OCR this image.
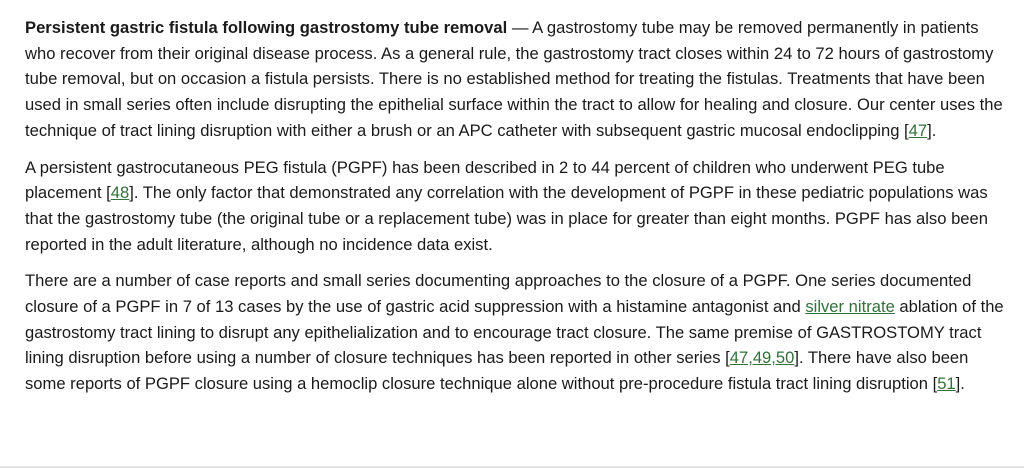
Persistent gastric fistula following gastrostomy tube removal — A gastrostomy tube may be removed permanently in patients who recover from their original disease process. As a general rule, the gastrostomy tract closes within 24 to 72 hours of gastrostomy tube removal, but on occasion a fistula persists. There is no established method for treating the fistulas. Treatments that have been used in small series often include disrupting the epithelial surface within the tract to allow for healing and closure. Our center uses the technique of tract lining disruption with either a brush or an APC catheter with subsequent gastric mucosal endoclipping [47].

A persistent gastrocutaneous PEG fistula (PGPF) has been described in 2 to 44 percent of children who underwent PEG tube placement [48]. The only factor that demonstrated any correlation with the development of PGPF in these pediatric populations was that the gastrostomy tube (the original tube or a replacement tube) was in place for greater than eight months. PGPF has also been reported in the adult literature, although no incidence data exist.

There are a number of case reports and small series documenting approaches to the closure of a PGPF. One series documented closure of a PGPF in 7 of 13 cases by the use of gastric acid suppression with a histamine antagonist and silver nitrate ablation of the gastrostomy tract lining to disrupt any epithelialization and to encourage tract closure. The same premise of GASTROSTOMY tract lining disruption before using a number of closure techniques has been reported in other series [47,49,50]. There have also been some reports of PGPF closure using a hemoclip closure technique alone without pre-procedure fistula tract lining disruption [51].
